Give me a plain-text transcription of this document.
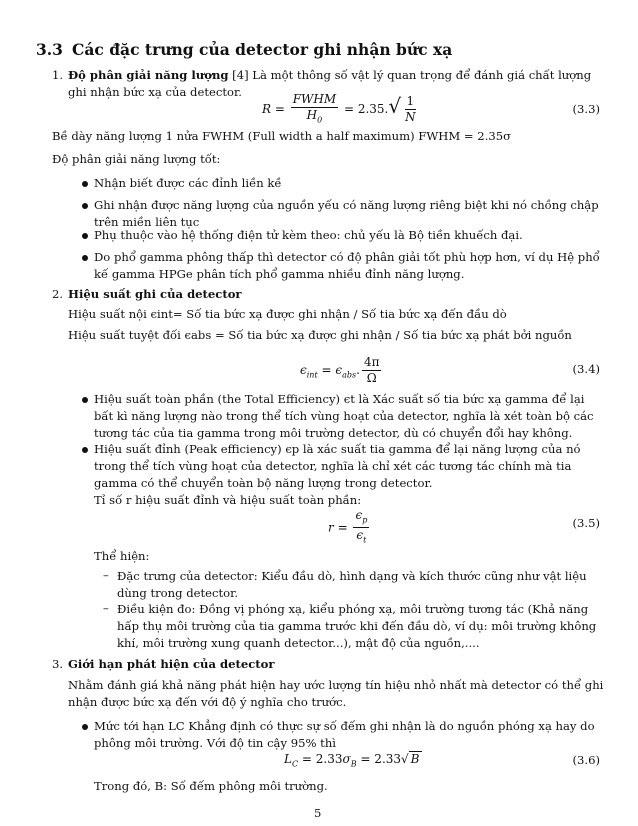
3.3 Các đặc trưng của detector ghi nhận bức xạ
1. Độ phân giải năng lượng [4] Là một thông số vật lý quan trọng để đánh giá chất lượng ghi nhận bức xạ của detector.
$R = \frac{\text{FWHM}}{H_0} = 2.35.√ \frac{1}{N}$	(3.3)
Bề dày năng lượng 1 nửa FWHM (Full width a half maximum) FWHM = 2.35σ
Độ phân giải năng lượng tốt:
Nhận biết được các đỉnh liền kề
Ghi nhận được năng lượng của nguồn yếu có năng lượng riêng biệt khi nó chồng chập trên miền liên tục
Phụ thuộc vào hệ thống điện tử kèm theo: chủ yếu là Bộ tiền khuếch đại.
Do phổ gamma phông thấp thì detector có độ phân giải tốt phù hợp hơn, ví dụ Hệ phổ kế gamma HPGe phân tích phổ gamma nhiều đỉnh năng lượng.
2. Hiệu suất ghi của detector
Hiệu suất nội ϵint= Số tia bức xạ được ghi nhận / Số tia bức xạ đến đầu dò
Hiệu suất tuyệt đối ϵabs = Số tia bức xạ được ghi nhận / Số tia bức xạ phát bởi nguồn
$\epsilon_{int} = \epsilon_{abs}$. $\frac{4\pi}{\Omega}$	(3.4)
Hiệu suất toàn phần (the Total Efficiency) ϵt là Xác suất số tia bức xạ gamma để lại bất kì năng lượng nào trong thể tích vùng hoạt của detector, nghĩa là xét toàn bộ các tương tác của tia gamma trong môi trường detector, dù có chuyển đổi hay không.
Hiệu suất đỉnh (Peak efficiency) ϵp là xác suất tia gamma để lại năng lượng của nó trong thể tích vùng hoạt của detector, nghĩa là chỉ xét các tương tác chính mà tia gamma có thể chuyển toàn bộ năng lượng trong detector.
Tỉ số r hiệu suất đỉnh và hiệu suất toàn phần:
$r = \frac{\epsilon_p}{\epsilon_t}$	(3.5)
Thể hiện:
– Đặc trưng của detector: Kiểu đầu dò, hình dạng và kích thước cũng như vật liệu dùng trong detector.
– Điều kiện đo: Đồng vị phóng xạ, kiểu phóng xạ, môi trường tương tác (Khả năng hấp thụ môi trường của tia gamma trước khi đến đầu dò, ví dụ: môi trường không khí, môi trường xung quanh detector...), mật độ của nguồn,....
3. Giới hạn phát hiện của detector
Nhằm đánh giá khả năng phát hiện hay ước lượng tín hiệu nhỏ nhất mà detector có thể ghi nhận được bức xạ đến với độ ý nghĩa cho trước.
Mức tới hạn LC Khẳng định có thực sự số đếm ghi nhận là do nguồn phóng xạ hay do phông môi trường. Với độ tin cậy 95% thì
$L_C = 2.33\sigma_B = 2.33√$ B	(3.6)
Trong đó, B: Số đếm phông môi trường.
5
